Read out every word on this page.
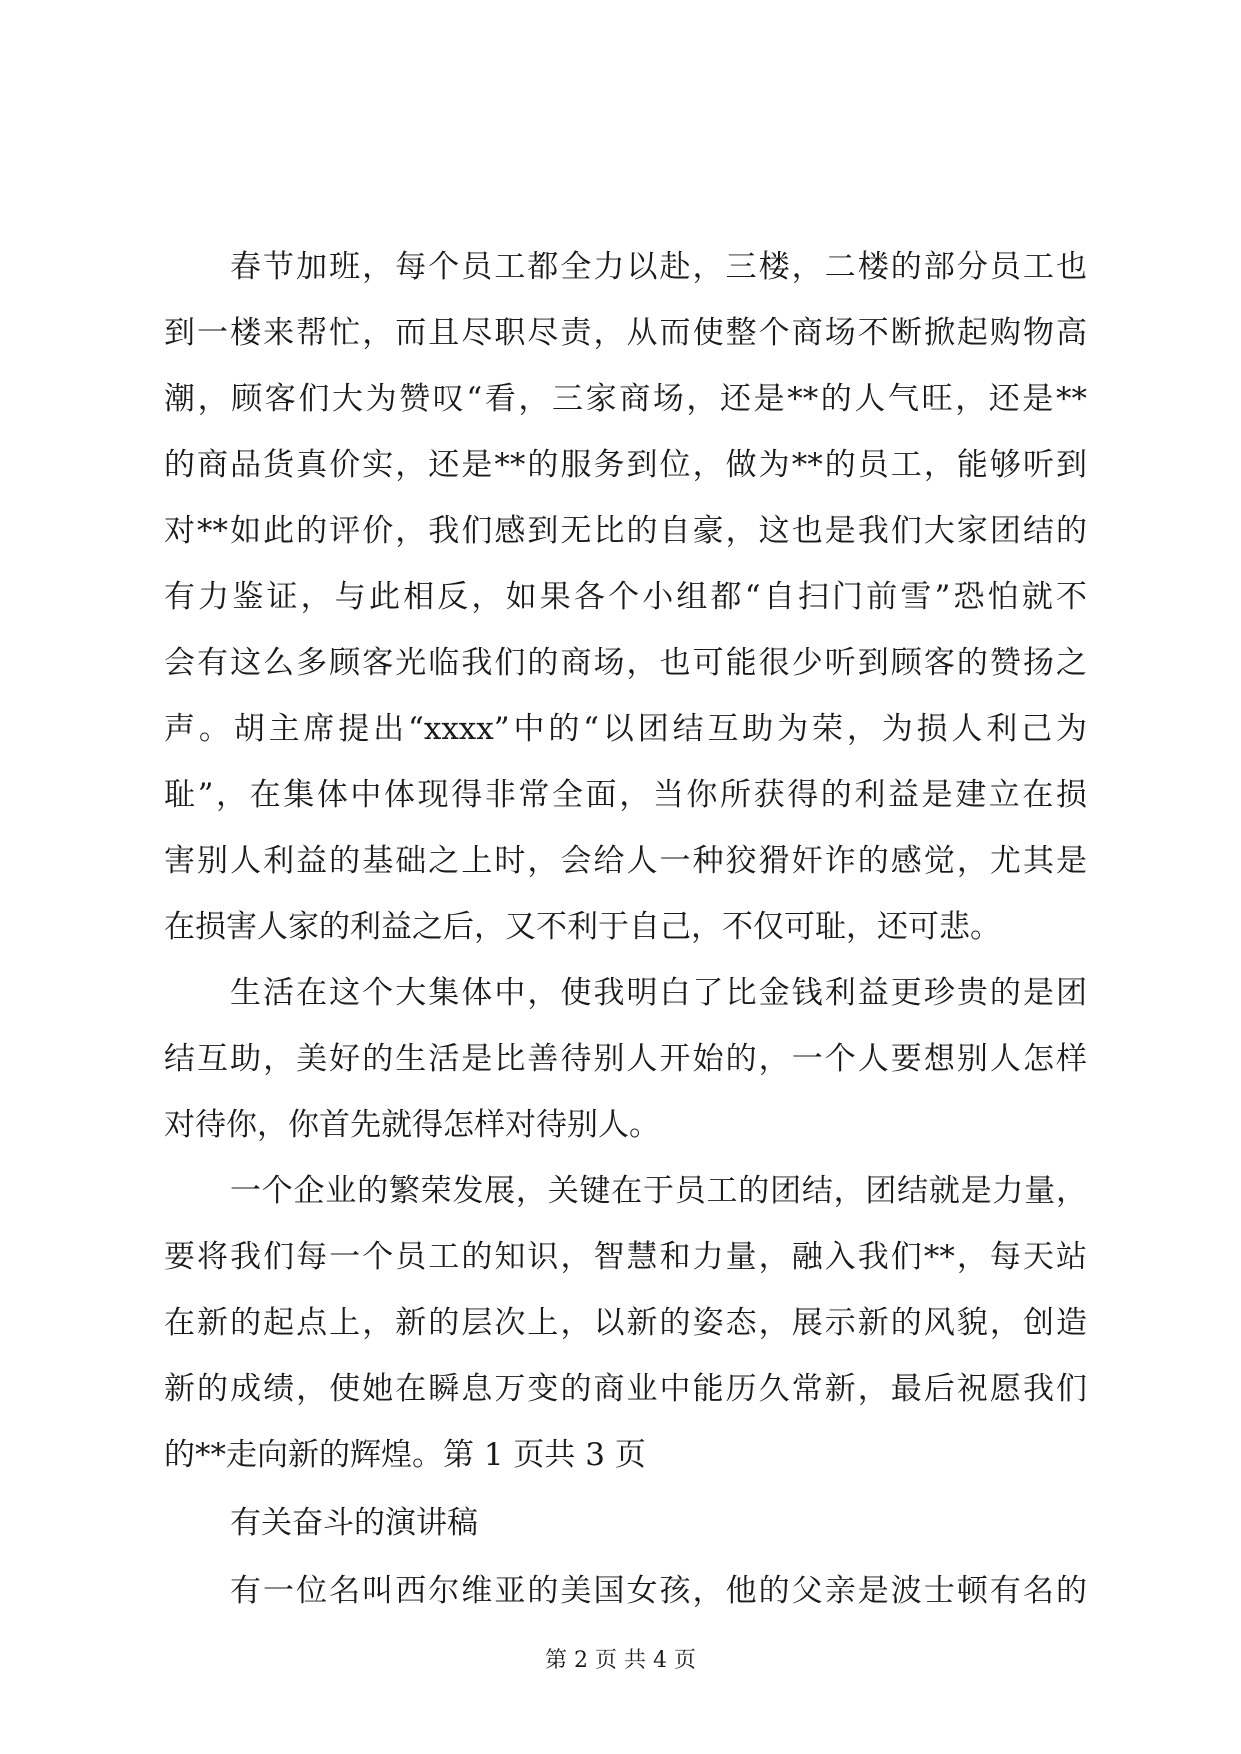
春节加班，每个员工都全力以赴，三楼，二楼的部分员工也
到一楼来帮忙，而且尽职尽责，从而使整个商场不断掀起购物高
潮，顾客们大为赞叹“看，三家商场，还是**的人气旺，还是**
的商品货真价实，还是**的服务到位，做为**的员工，能够听到
对**如此的评价，我们感到无比的自豪，这也是我们大家团结的
有力鉴证，与此相反，如果各个小组都“自扫门前雪”恐怕就不
会有这么多顾客光临我们的商场，也可能很少听到顾客的赞扬之
声。胡主席提出“xxxx”中的“以团结互助为荣，为损人利己为
耻”，在集体中体现得非常全面，当你所获得的利益是建立在损
害别人利益的基础之上时，会给人一种狡猾奸诈的感觉，尤其是
在损害人家的利益之后，又不利于自己，不仅可耻，还可悲。
生活在这个大集体中，使我明白了比金钱利益更珍贵的是团
结互助，美好的生活是比善待别人开始的，一个人要想别人怎样
对待你，你首先就得怎样对待别人。
一个企业的繁荣发展，关键在于员工的团结，团结就是力量，
要将我们每一个员工的知识，智慧和力量，融入我们**，每天站
在新的起点上，新的层次上，以新的姿态，展示新的风貌，创造
新的成绩，使她在瞬息万变的商业中能历久常新，最后祝愿我们
的**走向新的辉煌。第 1 页共 3 页
有关奋斗的演讲稿
有一位名叫西尔维亚的美国女孩，他的父亲是波士顿有名的
第 2 页 共 4 页
